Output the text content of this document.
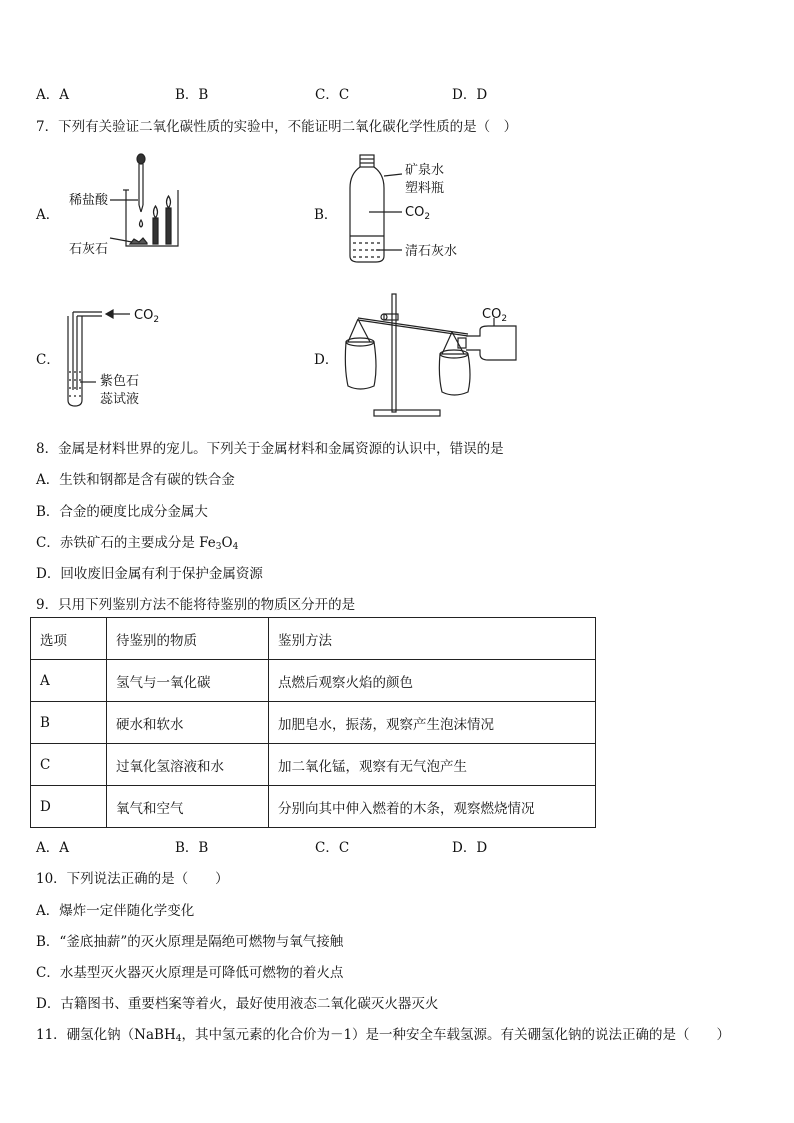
A．A	B．B	C．C	D．D
7．下列有关验证二氧化碳性质的实验中，不能证明二氧化碳化学性质的是（　）
A．	B．
C．	D．
稀盐酸
石灰石
矿泉水
塑料瓶
$CO_2$
清石灰水
$CO_2$
紫色石
蕊试液
$CO_2$
8．金属是材料世界的宠儿。下列关于金属材料和金属资源的认识中，错误的是
A．生铁和钢都是含有碳的铁合金
B．合金的硬度比成分金属大
C．赤铁矿石的主要成分是 $Fe_3O_4$
D．回收废旧金属有利于保护金属资源
9．只用下列鉴别方法不能将待鉴别的物质区分开的是
选项	待鉴别的物质	鉴别方法
A	氢气与一氧化碳	点燃后观察火焰的颜色
B	硬水和软水	加肥皂水，振荡，观察产生泡沫情况
C	过氧化氢溶液和水	加二氧化锰，观察有无气泡产生
D	氧气和空气	分别向其中伸入燃着的木条，观察燃烧情况
A．A	B．B	C．C	D．D
10．下列说法正确的是（　　）
A．爆炸一定伴随化学变化
B．“釜底抽薪”的灭火原理是隔绝可燃物与氧气接触
C．水基型灭火器灭火原理是可降低可燃物的着火点
D．古籍图书、重要档案等着火，最好使用液态二氧化碳灭火器灭火
11．硼氢化钠（NaBH$_4$，其中氢元素的化合价为－1）是一种安全车载氢源。有关硼氢化钠的说法正确的是（　　）
